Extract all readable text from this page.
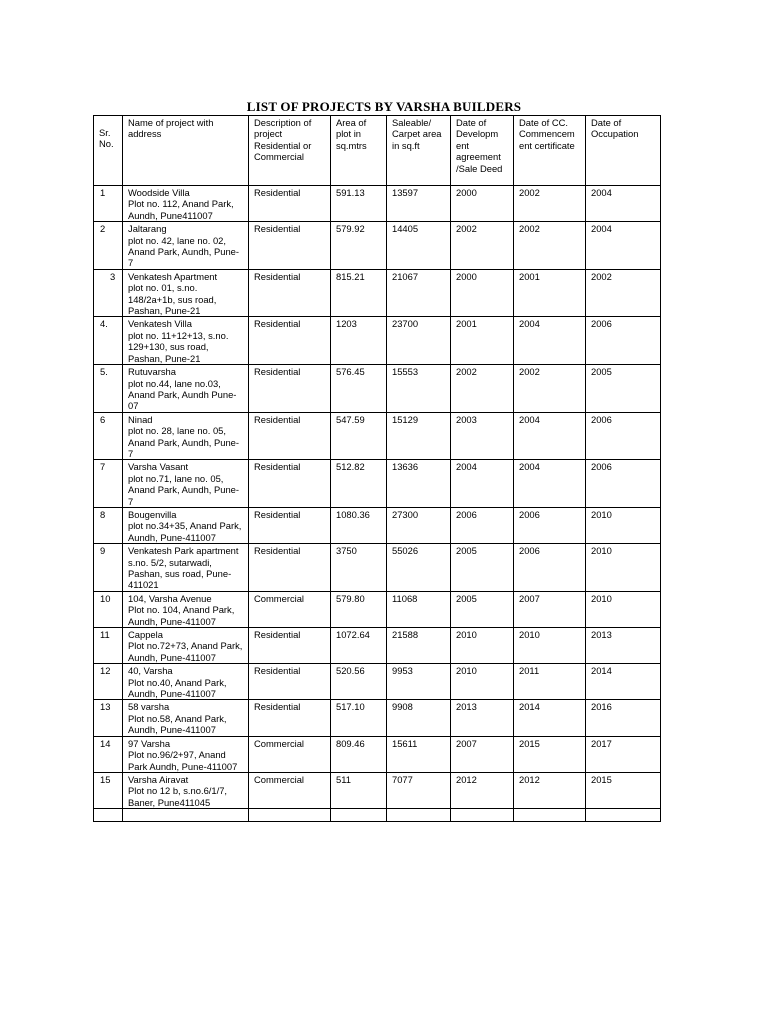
LIST OF PROJECTS BY VARSHA BUILDERS
Sr.
No.	Name of project with address	Description of project Residential or Commercial	Area of plot in sq.mtrs	Saleable/ Carpet area in sq.ft	Date of Developm ent agreement /Sale Deed	Date of CC. Commencem ent certificate	Date of Occupation
1	Woodside Villa
Plot no. 112, Anand Park, Aundh, Pune411007	Residential	591.13	13597	2000	2002	2004
2	Jaltarang
plot no. 42, lane no. 02, Anand Park, Aundh, Pune-7	Residential	579.92	14405	2002	2002	2004
3	Venkatesh Apartment
plot no. 01, s.no. 148/2a+1b, sus road, Pashan, Pune-21	Residential	815.21	21067	2000	2001	2002
4.	Venkatesh Villa
plot no. 11+12+13, s.no. 129+130, sus road, Pashan, Pune-21	Residential	1203	23700	2001	2004	2006
5.	Rutuvarsha
plot no.44, lane no.03, Anand Park, Aundh Pune-07	Residential	576.45	15553	2002	2002	2005
6	Ninad
plot no. 28, lane no. 05, Anand Park, Aundh, Pune-7	Residential	547.59	15129	2003	2004	2006
7	Varsha Vasant
plot no.71, lane no. 05, Anand Park, Aundh, Pune-7	Residential	512.82	13636	2004	2004	2006
8	Bougenvilla
plot no.34+35, Anand Park, Aundh, Pune-411007	Residential	1080.36	27300	2006	2006	2010
9	Venkatesh Park apartment
s.no. 5/2, sutarwadi, Pashan, sus road, Pune-411021	Residential	3750	55026	2005	2006	2010
10	104, Varsha Avenue
Plot no. 104, Anand Park, Aundh, Pune-411007	Commercial	579.80	11068	2005	2007	2010
11	Cappela
Plot no.72+73, Anand Park, Aundh, Pune-411007	Residential	1072.64	21588	2010	2010	2013
12	40, Varsha
Plot no.40, Anand Park, Aundh, Pune-411007	Residential	520.56	9953	2010	2011	2014
13	58 varsha
Plot no.58, Anand Park, Aundh, Pune-411007	Residential	517.10	9908	2013	2014	2016
14	97 Varsha
Plot no.96/2+97, Anand Park Aundh, Pune-411007	Commercial	809.46	15611	2007	2015	2017
15	Varsha Airavat
Plot no 12 b, s.no.6/1/7, Baner, Pune411045	Commercial	511	7077	2012	2012	2015
